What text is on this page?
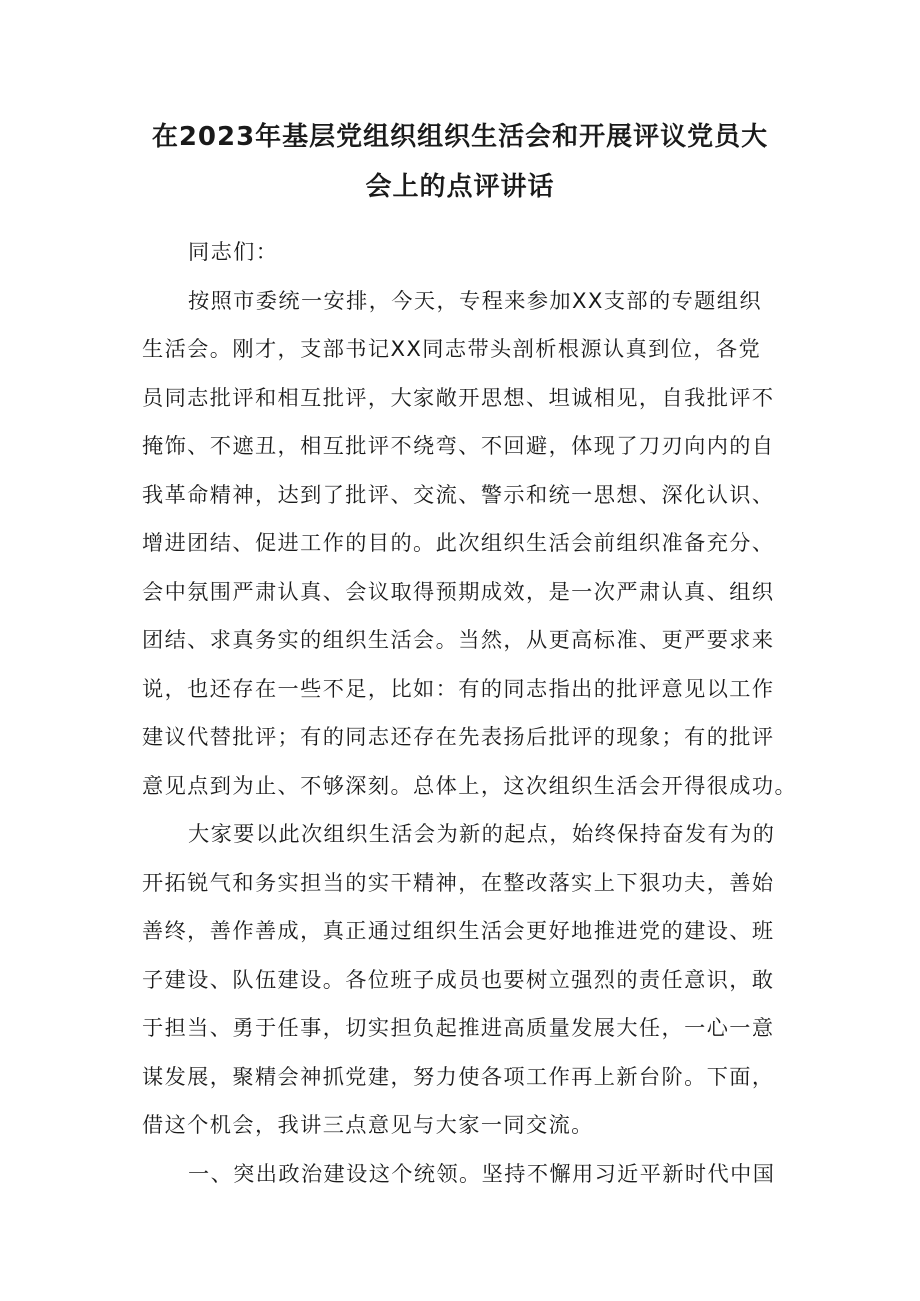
在2023年基层党组织组织生活会和开展评议党员大
会上的点评讲话
同志们：
按照市委统一安排，今天，专程来参加XX支部的专题组织
生活会。刚才，支部书记XX同志带头剖析根源认真到位，各党
员同志批评和相互批评，大家敞开思想、坦诚相见，自我批评不
掩饰、不遮丑，相互批评不绕弯、不回避，体现了刀刃向内的自
我革命精神，达到了批评、交流、警示和统一思想、深化认识、
增进团结、促进工作的目的。此次组织生活会前组织准备充分、
会中氛围严肃认真、会议取得预期成效，是一次严肃认真、组织
团结、求真务实的组织生活会。当然，从更高标准、更严要求来
说，也还存在一些不足，比如：有的同志指出的批评意见以工作
建议代替批评；有的同志还存在先表扬后批评的现象；有的批评
意见点到为止、不够深刻。总体上，这次组织生活会开得很成功。
大家要以此次组织生活会为新的起点，始终保持奋发有为的
开拓锐气和务实担当的实干精神，在整改落实上下狠功夫，善始
善终，善作善成，真正通过组织生活会更好地推进党的建设、班
子建设、队伍建设。各位班子成员也要树立强烈的责任意识，敢
于担当、勇于任事，切实担负起推进高质量发展大任，一心一意
谋发展，聚精会神抓党建，努力使各项工作再上新台阶。下面，
借这个机会，我讲三点意见与大家一同交流。
一、突出政治建设这个统领。坚持不懈用习近平新时代中国
